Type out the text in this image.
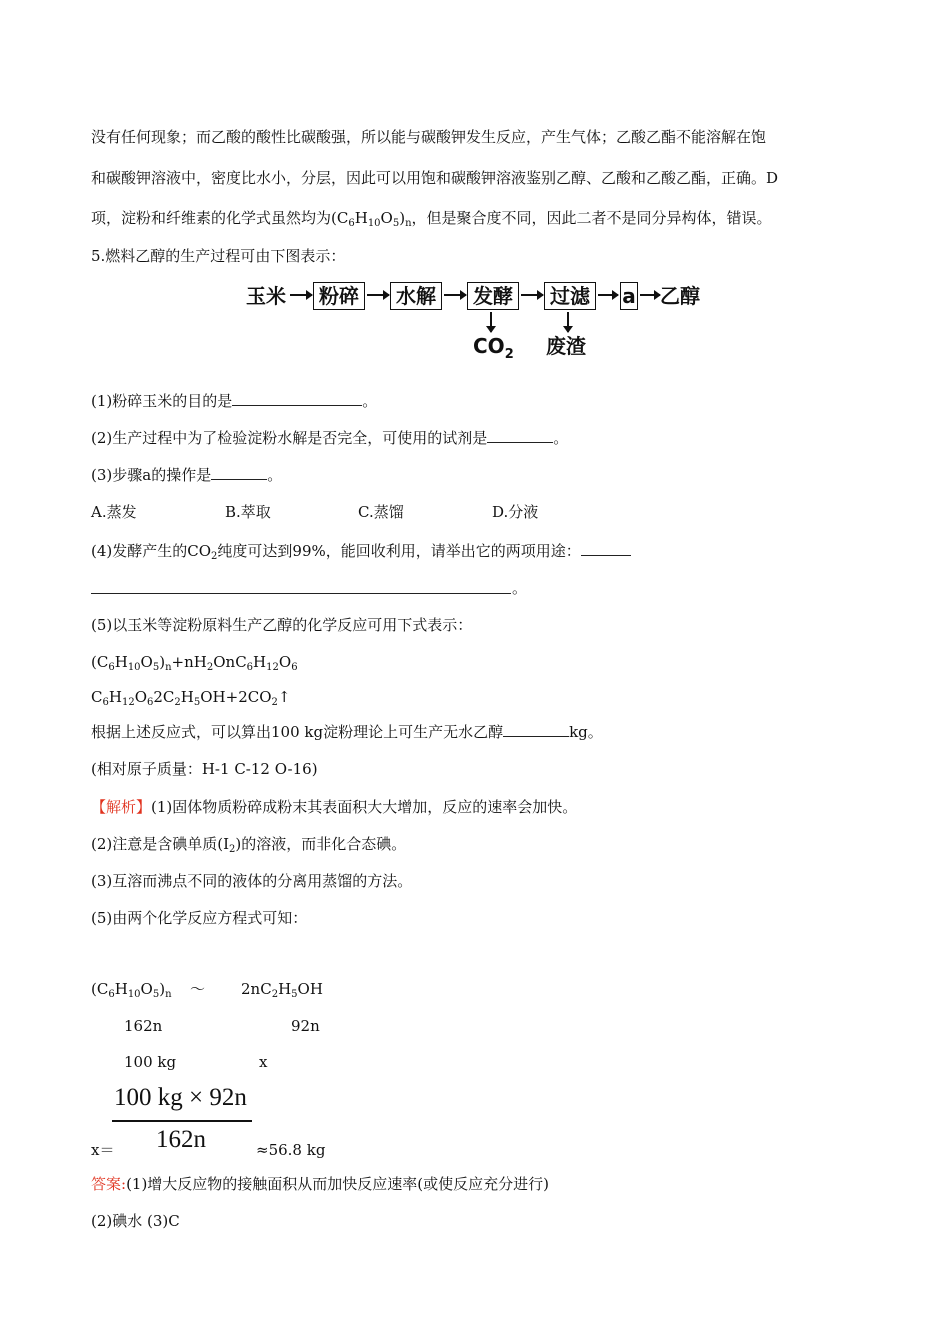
没有任何现象；而乙酸的酸性比碳酸强，所以能与碳酸钾发生反应，产生气体；乙酸乙酯不能溶解在饱
和碳酸钾溶液中，密度比水小，分层，因此可以用饱和碳酸钾溶液鉴别乙醇、乙酸和乙酸乙酯，正确。D
项，淀粉和纤维素的化学式虽然均为$(C_6H_{10}O_5)_n$，但是聚合度不同，因此二者不是同分异构体，错误。
5.燃料乙醇的生产过程可由下图表示：
玉米	粉碎	水解	发酵	过滤	a 乙醇
$CO_2$ 废渣
(1)粉碎玉米的目的是	。
(2)生产过程中为了检验淀粉水解是否完全，可使用的试剂是	。
(3)步骤a的操作是	。
A.蒸发	B.萃取	C.蒸馏	D.分液
(4)发酵产生的$CO_2$纯度可达到99%，能回收利用，请举出它的两项用途：
。
(5)以玉米等淀粉原料生产乙醇的化学反应可用下式表示：
$(C_6H_{10}O_5)_n+nH_2OnC_6H_{12}O_6$
$C_6H_{12}O_62C_2H_5OH+2CO_2↑$
根据上述反应式，可以算出100 kg淀粉理论上可生产无水乙醇	kg。
(相对原子质量：H-1 C-12 O-16)
【解析】(1)固体物质粉碎成粉末其表面积大大增加，反应的速率会加快。
(2)注意是含碘单质$(I_2)$的溶液，而非化合态碘。
(3)互溶而沸点不同的液体的分离用蒸馏的方法。
(5)由两个化学反应方程式可知：
$(C_6H_{10}O_5)_n$ ～ $2nC_2H_5OH$
162n	92n
100 kg	x
100 kg × 92n
162n
x＝	≈56.8 kg
答案:(1)增大反应物的接触面积从而加快反应速率(或使反应充分进行)
(2)碘水 (3)C
